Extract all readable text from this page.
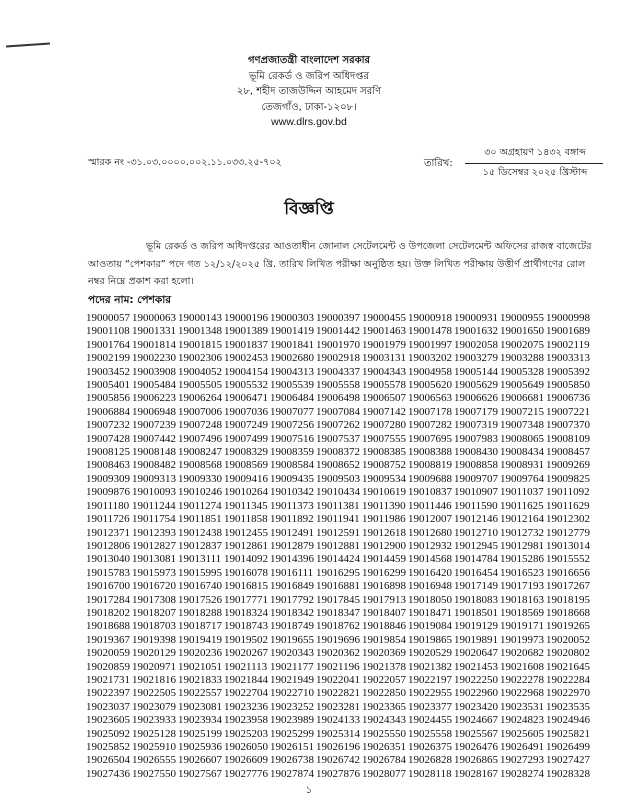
গণপ্রজাতন্ত্রী বাংলাদেশ সরকার
ভূমি রেকর্ড ও জরিপ অধিদপ্তর
২৮, শহীদ তাজউদ্দিন আহমেদ সরণি
তেজগাঁও, ঢাকা-১২০৮।
www.dlrs.gov.bd
স্মারক নং -৩১.০৩.০০০০.০০২.১১.০৩৩.২৫-৭০২	তারিখ:
৩০ অগ্রহায়ণ ১৪৩২ বঙ্গাব্দ
১৫ ডিসেম্বর ২০২৫ খ্রিস্টাব্দ
বিজ্ঞপ্তি
ভূমি রেকর্ড ও জরিপ অধিদপ্তরের আওতাধীন জোনাল সেটেলমেন্ট ও উপজেলা সেটেলমেন্ট অফিসের রাজস্ব বাজেটের আওতায় “পেশকার” পদে গত ১২/১২/২০২৫ খ্রি. তারিখ লিখিত পরীক্ষা অনুষ্ঠিত হয়। উক্ত লিখিত পরীক্ষায় উত্তীর্ণ প্রার্থীগণের রোল নম্বর নিম্নে প্রকাশ করা হলো।
পদের নাম: পেশকার
19000057 19000063 19000143 19000196 19000303 19000397 19000455 19000918 19000931 19000955 19000998
19001108 19001331 19001348 19001389 19001419 19001442 19001463 19001478 19001632 19001650 19001689
19001764 19001814 19001815 19001837 19001841 19001970 19001979 19001997 19002058 19002075 19002119
19002199 19002230 19002306 19002453 19002680 19002918 19003131 19003202 19003279 19003288 19003313
19003452 19003908 19004052 19004154 19004313 19004337 19004343 19004958 19005144 19005328 19005392
19005401 19005484 19005505 19005532 19005539 19005558 19005578 19005620 19005629 19005649 19005850
19005856 19006223 19006264 19006471 19006484 19006498 19006507 19006563 19006626 19006681 19006736
19006884 19006948 19007006 19007036 19007077 19007084 19007142 19007178 19007179 19007215 19007221
19007232 19007239 19007248 19007249 19007256 19007262 19007280 19007282 19007319 19007348 19007370
19007428 19007442 19007496 19007499 19007516 19007537 19007555 19007695 19007983 19008065 19008109
19008125 19008148 19008247 19008329 19008359 19008372 19008385 19008388 19008430 19008434 19008457
19008463 19008482 19008568 19008569 19008584 19008652 19008752 19008819 19008858 19008931 19009269
19009309 19009313 19009330 19009416 19009435 19009503 19009534 19009688 19009707 19009764 19009825
19009876 19010093 19010246 19010264 19010342 19010434 19010619 19010837 19010907 19011037 19011092
19011180 19011244 19011274 19011345 19011373 19011381 19011390 19011446 19011590 19011625 19011629
19011726 19011754 19011851 19011858 19011892 19011941 19011986 19012007 19012146 19012164 19012302
19012371 19012393 19012438 19012455 19012491 19012591 19012618 19012680 19012710 19012732 19012779
19012806 19012827 19012837 19012861 19012879 19012881 19012900 19012932 19012945 19012981 19013014
19013040 19013081 19013111 19014092 19014396 19014424 19014459 19014568 19014784 19015286 19015552
19015783 19015973 19015995 19016078 19016111 19016295 19016299 19016420 19016454 19016523 19016656
19016700 19016720 19016740 19016815 19016849 19016881 19016898 19016948 19017149 19017193 19017267
19017284 19017308 19017526 19017771 19017792 19017845 19017913 19018050 19018083 19018163 19018195
19018202 19018207 19018288 19018324 19018342 19018347 19018407 19018471 19018501 19018569 19018668
19018688 19018703 19018717 19018743 19018749 19018762 19018846 19019084 19019129 19019171 19019265
19019367 19019398 19019419 19019502 19019655 19019696 19019854 19019865 19019891 19019973 19020052
19020059 19020129 19020236 19020267 19020343 19020362 19020369 19020529 19020647 19020682 19020802
19020859 19020971 19021051 19021113 19021177 19021196 19021378 19021382 19021453 19021608 19021645
19021731 19021816 19021833 19021844 19021949 19022041 19022057 19022197 19022250 19022278 19022284
19022397 19022505 19022557 19022704 19022710 19022821 19022850 19022955 19022960 19022968 19022970
19023037 19023079 19023081 19023236 19023252 19023281 19023365 19023377 19023420 19023531 19023535
19023605 19023933 19023934 19023958 19023989 19024133 19024343 19024455 19024667 19024823 19024946
19025092 19025128 19025199 19025203 19025299 19025314 19025550 19025558 19025567 19025605 19025821
19025852 19025910 19025936 19026050 19026151 19026196 19026351 19026375 19026476 19026491 19026499
19026504 19026555 19026607 19026609 19026738 19026742 19026784 19026828 19026865 19027293 19027427
19027436 19027550 19027567 19027776 19027874 19027876 19028077 19028118 19028167 19028274 19028328
১
